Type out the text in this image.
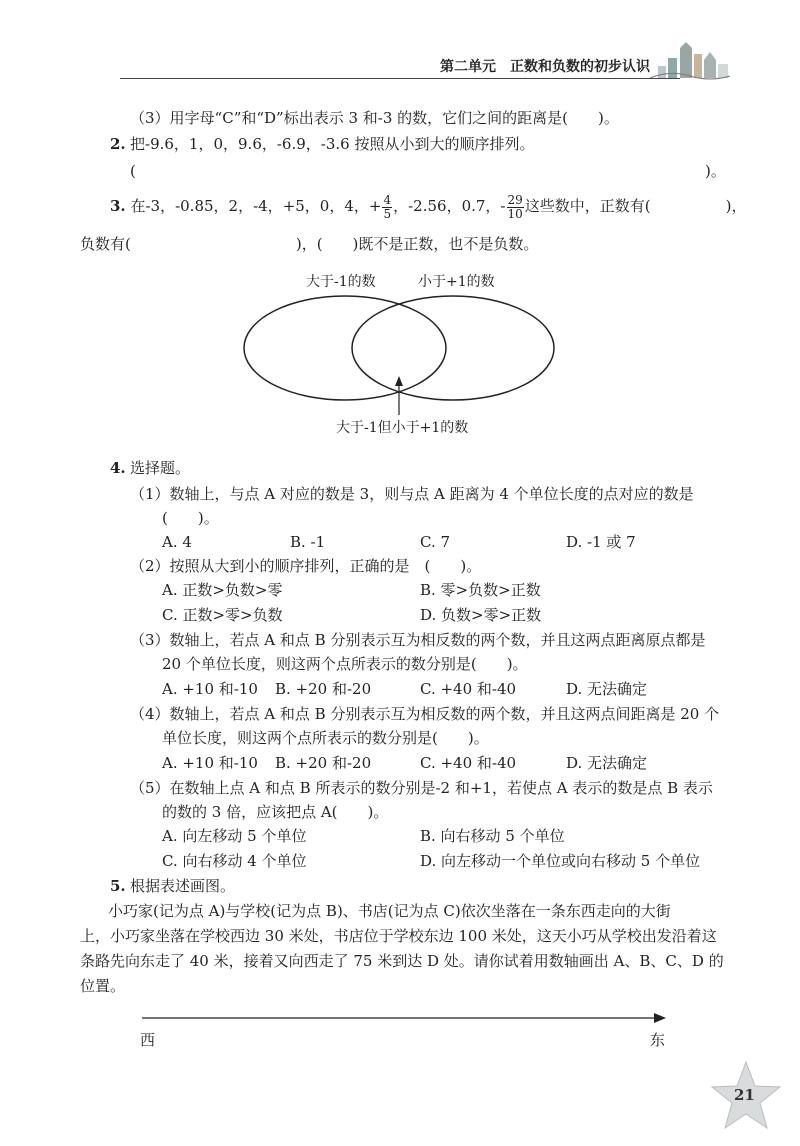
第二单元　正数和负数的初步认识
（3）用字母“C”和“D”标出表示 3 和-3 的数，它们之间的距离是(　　)。
2. 把-9.6，1，0，9.6，-6.9，-3.6 按照从小到大的顺序排列。
(	)。
3. 在-3，-0.85，2，-4，+5，0，4，+ $\frac{4}{5}$ ，-2.56，0.7，- $\frac{29}{10}$ 这些数中，正数有(　　　　　)，
负数有(　　　　　　　　　　　)，(　　)既不是正数，也不是负数。
大于-1的数	小于+1的数
大于-1但小于+1的数
4. 选择题。
（1）数轴上，与点 A 对应的数是 3，则与点 A 距离为 4 个单位长度的点对应的数是
(　　)。
A. 4	B. -1	C. 7	D. -1 或 7
（2）按照从大到小的顺序排列，正确的是　(　　)。
A. 正数>负数>零	B. 零>负数>正数
C. 正数>零>负数	D. 负数>零>正数
（3）数轴上，若点 A 和点 B 分别表示互为相反数的两个数，并且这两点距离原点都是
20 个单位长度，则这两个点所表示的数分别是(　　)。
A. +10 和-10 B. +20 和-20	C. +40 和-40	D. 无法确定
（4）数轴上，若点 A 和点 B 分别表示互为相反数的两个数，并且这两点间距离是 20 个
单位长度，则这两个点所表示的数分别是(　　)。
A. +10 和-10 B. +20 和-20	C. +40 和-40	D. 无法确定
（5）在数轴上点 A 和点 B 所表示的数分别是-2 和+1，若使点 A 表示的数是点 B 表示
的数的 3 倍，应该把点 A(　　)。
A. 向左移动 5 个单位	B. 向右移动 5 个单位
C. 向右移动 4 个单位	D. 向左移动一个单位或向右移动 5 个单位
5. 根据表述画图。
小巧家(记为点 A)与学校(记为点 B)、书店(记为点 C)依次坐落在一条东西走向的大街
上，小巧家坐落在学校西边 30 米处，书店位于学校东边 100 米处，这天小巧从学校出发沿着这
条路先向东走了 40 米，接着又向西走了 75 米到达 D 处。请你试着用数轴画出 A、B、C、D 的
位置。
西	东
21
